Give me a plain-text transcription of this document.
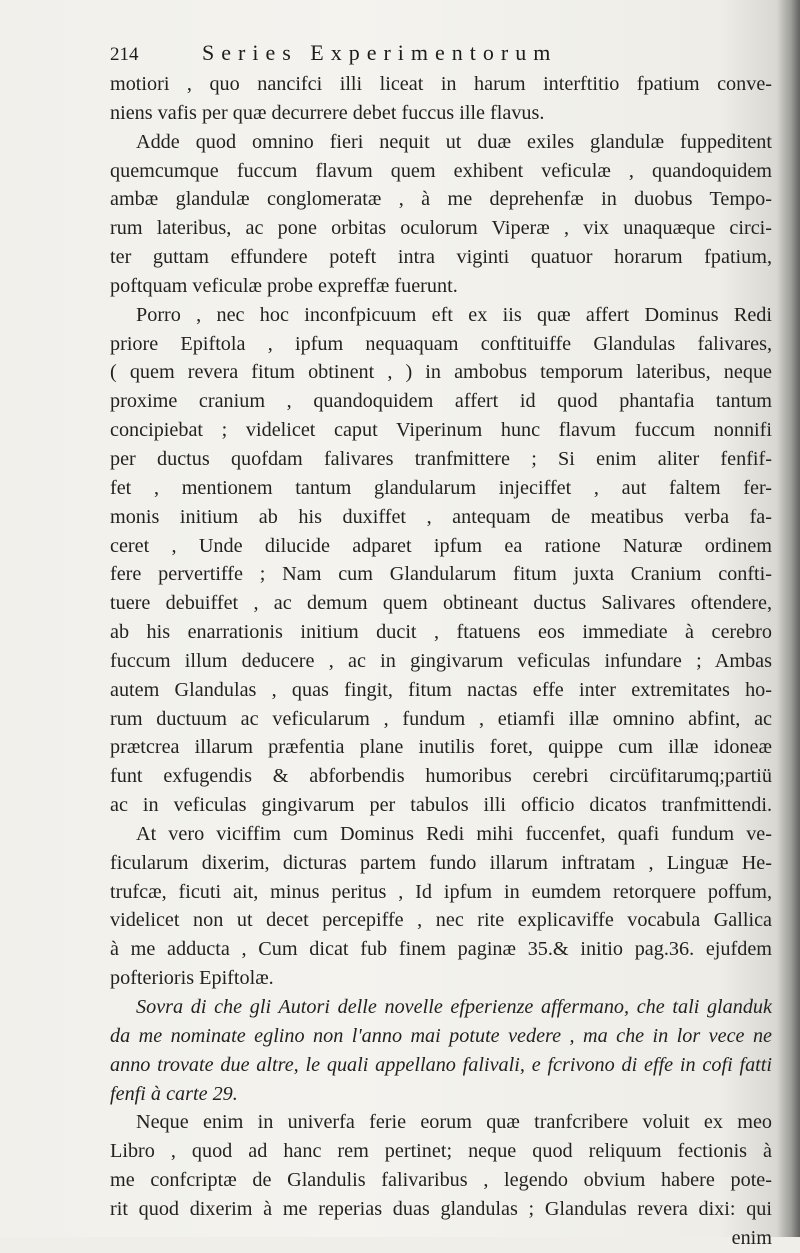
214	Series Experimentorum
motiori , quo nancifci illi liceat in harum interftitio fpatium conve-
niens vafis per quæ decurrere debet fuccus ille flavus.
Adde quod omnino fieri nequit ut duæ exiles glandulæ fuppeditent
quemcumque fuccum flavum quem exhibent veficulæ , quandoquidem
ambæ glandulæ conglomeratæ , à me deprehenfæ in duobus Tempo-
rum lateribus, ac pone orbitas oculorum Viperæ , vix unaquæque circi-
ter guttam effundere poteft intra viginti quatuor horarum fpatium,
poftquam veficulæ probe expreffæ fuerunt.
Porro , nec hoc inconfpicuum eft ex iis quæ affert Dominus Redi
priore Epiftola , ipfum nequaquam conftituiffe Glandulas falivares,
( quem revera fitum obtinent , ) in ambobus temporum lateribus, neque
proxime cranium , quandoquidem affert id quod phantafia tantum
concipiebat ; videlicet caput Viperinum hunc flavum fuccum nonnifi
per ductus quofdam falivares tranfmittere ; Si enim aliter fenfif-
fet , mentionem tantum glandularum injeciffet , aut faltem fer-
monis initium ab his duxiffet , antequam de meatibus verba fa-
ceret , Unde dilucide adparet ipfum ea ratione Naturæ ordinem
fere pervertiffe ; Nam cum Glandularum fitum juxta Cranium confti-
tuere debuiffet , ac demum quem obtineant ductus Salivares oftendere,
ab his enarrationis initium ducit , ftatuens eos immediate à cerebro
fuccum illum deducere , ac in gingivarum veficulas infundare ; Ambas
autem Glandulas , quas fingit, fitum nactas effe inter extremitates ho-
rum ductuum ac veficularum , fundum , etiamfi illæ omnino abfint, ac
prætcrea illarum præfentia plane inutilis foret, quippe cum illæ idoneæ
funt exfugendis & abforbendis humoribus cerebri circüfitarumq;partiü
ac in veficulas gingivarum per tabulos illi officio dicatos tranfmittendi.
At vero viciffim cum Dominus Redi mihi fuccenfet, quafi fundum ve-
ficularum dixerim, dicturas partem fundo illarum inftratam , Linguæ He-
trufcæ, ficuti ait, minus peritus , Id ipfum in eumdem retorquere poffum,
videlicet non ut decet percepiffe , nec rite explicaviffe vocabula Gallica
à me adducta , Cum dicat fub finem paginæ 35.& initio pag.36. ejufdem
pofterioris Epiftolæ.
Sovra di che gli Autori delle novelle efperienze affermano, che tali glanduk
da me nominate eglino non l'anno mai potute vedere , ma che in lor vece ne
anno trovate due altre, le quali appellano falivali, e fcrivono di effe in cofi fatti
fenfi à carte 29.
Neque enim in univerfa ferie eorum quæ tranfcribere voluit ex meo
Libro , quod ad hanc rem pertinet; neque quod reliquum fectionis à
me confcriptæ de Glandulis falivaribus , legendo obvium habere pote-
rit quod dixerim à me reperias duas glandulas ; Glandulas revera dixi: qui
enim
